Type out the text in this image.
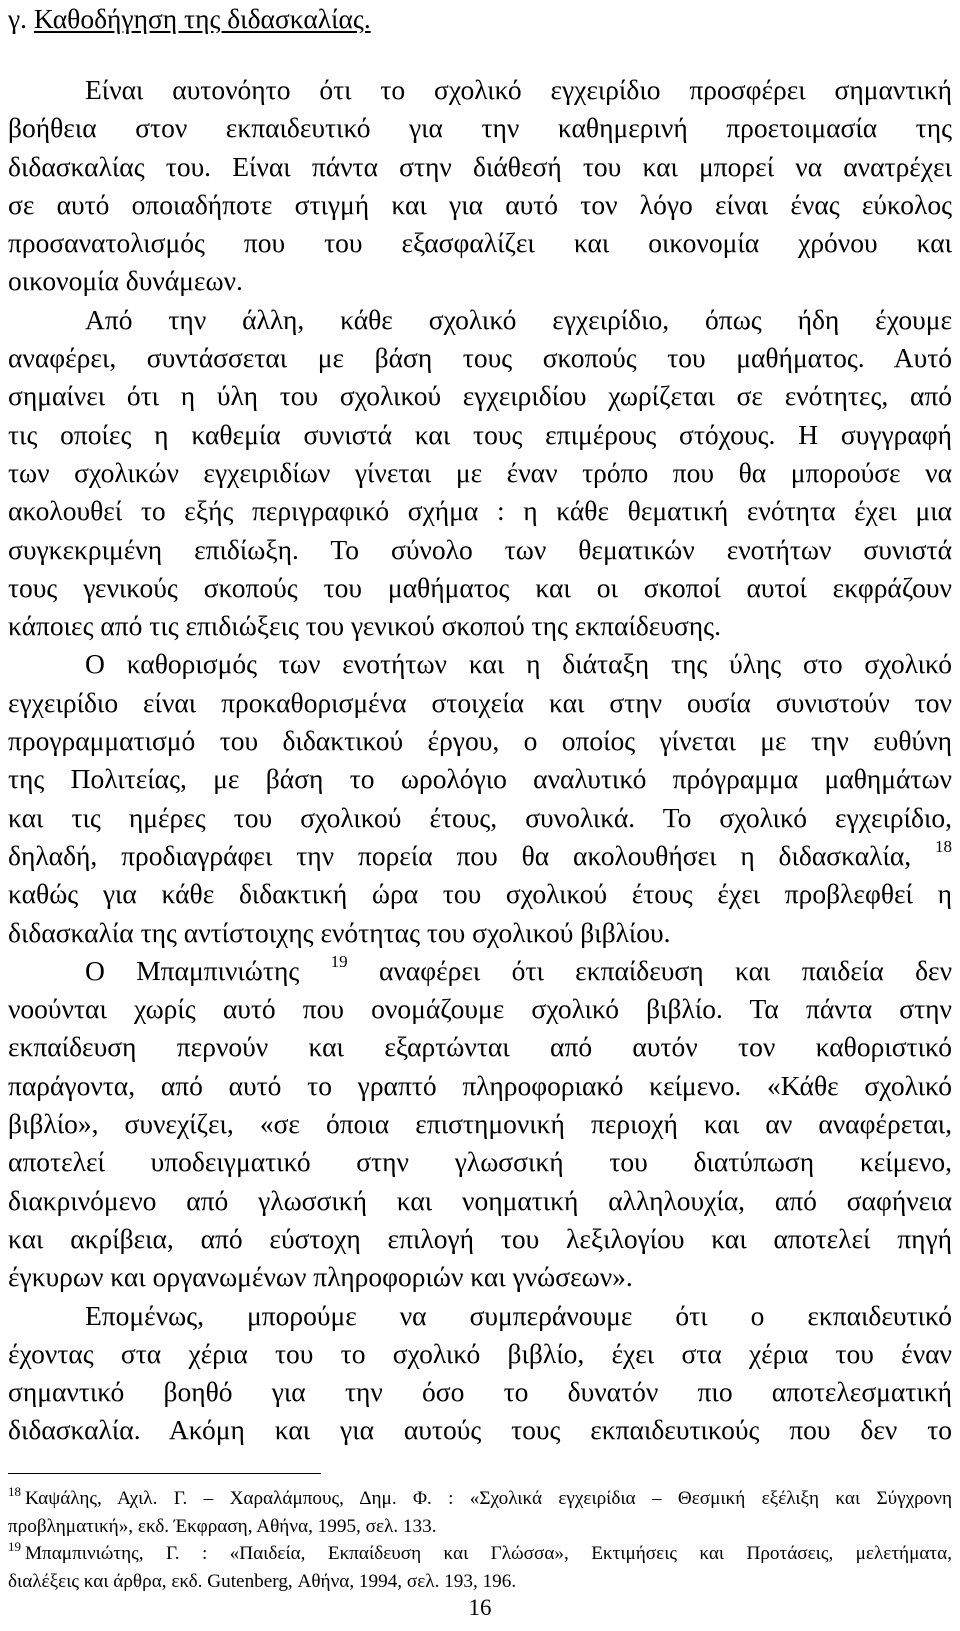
γ. Καθοδήγηση της διδασκαλίας.
Είναι αυτονόητο ότι το σχολικό εγχειρίδιο προσφέρει σημαντική
βοήθεια στον εκπαιδευτικό για την καθημερινή προετοιμασία της
διδασκαλίας του. Είναι πάντα στην διάθεσή του και μπορεί να ανατρέχει
σε αυτό οποιαδήποτε στιγμή και για αυτό τον λόγο είναι ένας εύκολος
προσανατολισμός που του εξασφαλίζει και οικονομία χρόνου και
οικονομία δυνάμεων.
Από την άλλη, κάθε σχολικό εγχειρίδιο, όπως ήδη έχουμε
αναφέρει, συντάσσεται με βάση τους σκοπούς του μαθήματος. Αυτό
σημαίνει ότι η ύλη του σχολικού εγχειριδίου χωρίζεται σε ενότητες, από
τις οποίες η καθεμία συνιστά και τους επιμέρους στόχους. Η συγγραφή
των σχολικών εγχειριδίων γίνεται με έναν τρόπο που θα μπορούσε να
ακολουθεί το εξής περιγραφικό σχήμα : η κάθε θεματική ενότητα έχει μια
συγκεκριμένη επιδίωξη. Το σύνολο των θεματικών ενοτήτων συνιστά
τους γενικούς σκοπούς του μαθήματος και οι σκοποί αυτοί εκφράζουν
κάποιες από τις επιδιώξεις του γενικού σκοπού της εκπαίδευσης.
Ο καθορισμός των ενοτήτων και η διάταξη της ύλης στο σχολικό
εγχειρίδιο είναι προκαθορισμένα στοιχεία και στην ουσία συνιστούν τον
προγραμματισμό του διδακτικού έργου, ο οποίος γίνεται με την ευθύνη
της Πολιτείας, με βάση το ωρολόγιο αναλυτικό πρόγραμμα μαθημάτων
και τις ημέρες του σχολικού έτους, συνολικά. Το σχολικό εγχειρίδιο,
δηλαδή, προδιαγράφει την πορεία που θα ακολουθήσει η διδασκαλία, $^{18}$
καθώς για κάθε διδακτική ώρα του σχολικού έτους έχει προβλεφθεί η
διδασκαλία της αντίστοιχης ενότητας του σχολικού βιβλίου.
Ο Μπαμπινιώτης $^{19}$ αναφέρει ότι εκπαίδευση και παιδεία δεν
νοούνται χωρίς αυτό που ονομάζουμε σχολικό βιβλίο. Τα πάντα στην
εκπαίδευση περνούν και εξαρτώνται από αυτόν τον καθοριστικό
παράγοντα, από αυτό το γραπτό πληροφοριακό κείμενο. «Κάθε σχολικό
βιβλίο», συνεχίζει, «σε όποια επιστημονική περιοχή και αν αναφέρεται,
αποτελεί υποδειγματικό στην γλωσσική του διατύπωση κείμενο,
διακρινόμενο από γλωσσική και νοηματική αλληλουχία, από σαφήνεια
και ακρίβεια, από εύστοχη επιλογή του λεξιλογίου και αποτελεί πηγή
έγκυρων και οργανωμένων πληροφοριών και γνώσεων».
Επομένως, μπορούμε να συμπεράνουμε ότι ο εκπαιδευτικό
έχοντας στα χέρια του το σχολικό βιβλίο, έχει στα χέρια του έναν
σημαντικό βοηθό για την όσο το δυνατόν πιο αποτελεσματική
διδασκαλία. Ακόμη και για αυτούς τους εκπαιδευτικούς που δεν το
$^{18}$ Καψάλης, Αχιλ. Γ. – Χαραλάμπους, Δημ. Φ. : «Σχολικά εγχειρίδια – Θεσμική εξέλιξη και Σύγχρονη
προβληματική», εκδ. Έκφραση, Αθήνα, 1995, σελ. 133.
$^{19}$ Μπαμπινιώτης, Γ. : «Παιδεία, Εκπαίδευση και Γλώσσα», Εκτιμήσεις και Προτάσεις, μελετήματα,
διαλέξεις και άρθρα, εκδ. Gutenberg, Αθήνα, 1994, σελ. 193, 196.
16
